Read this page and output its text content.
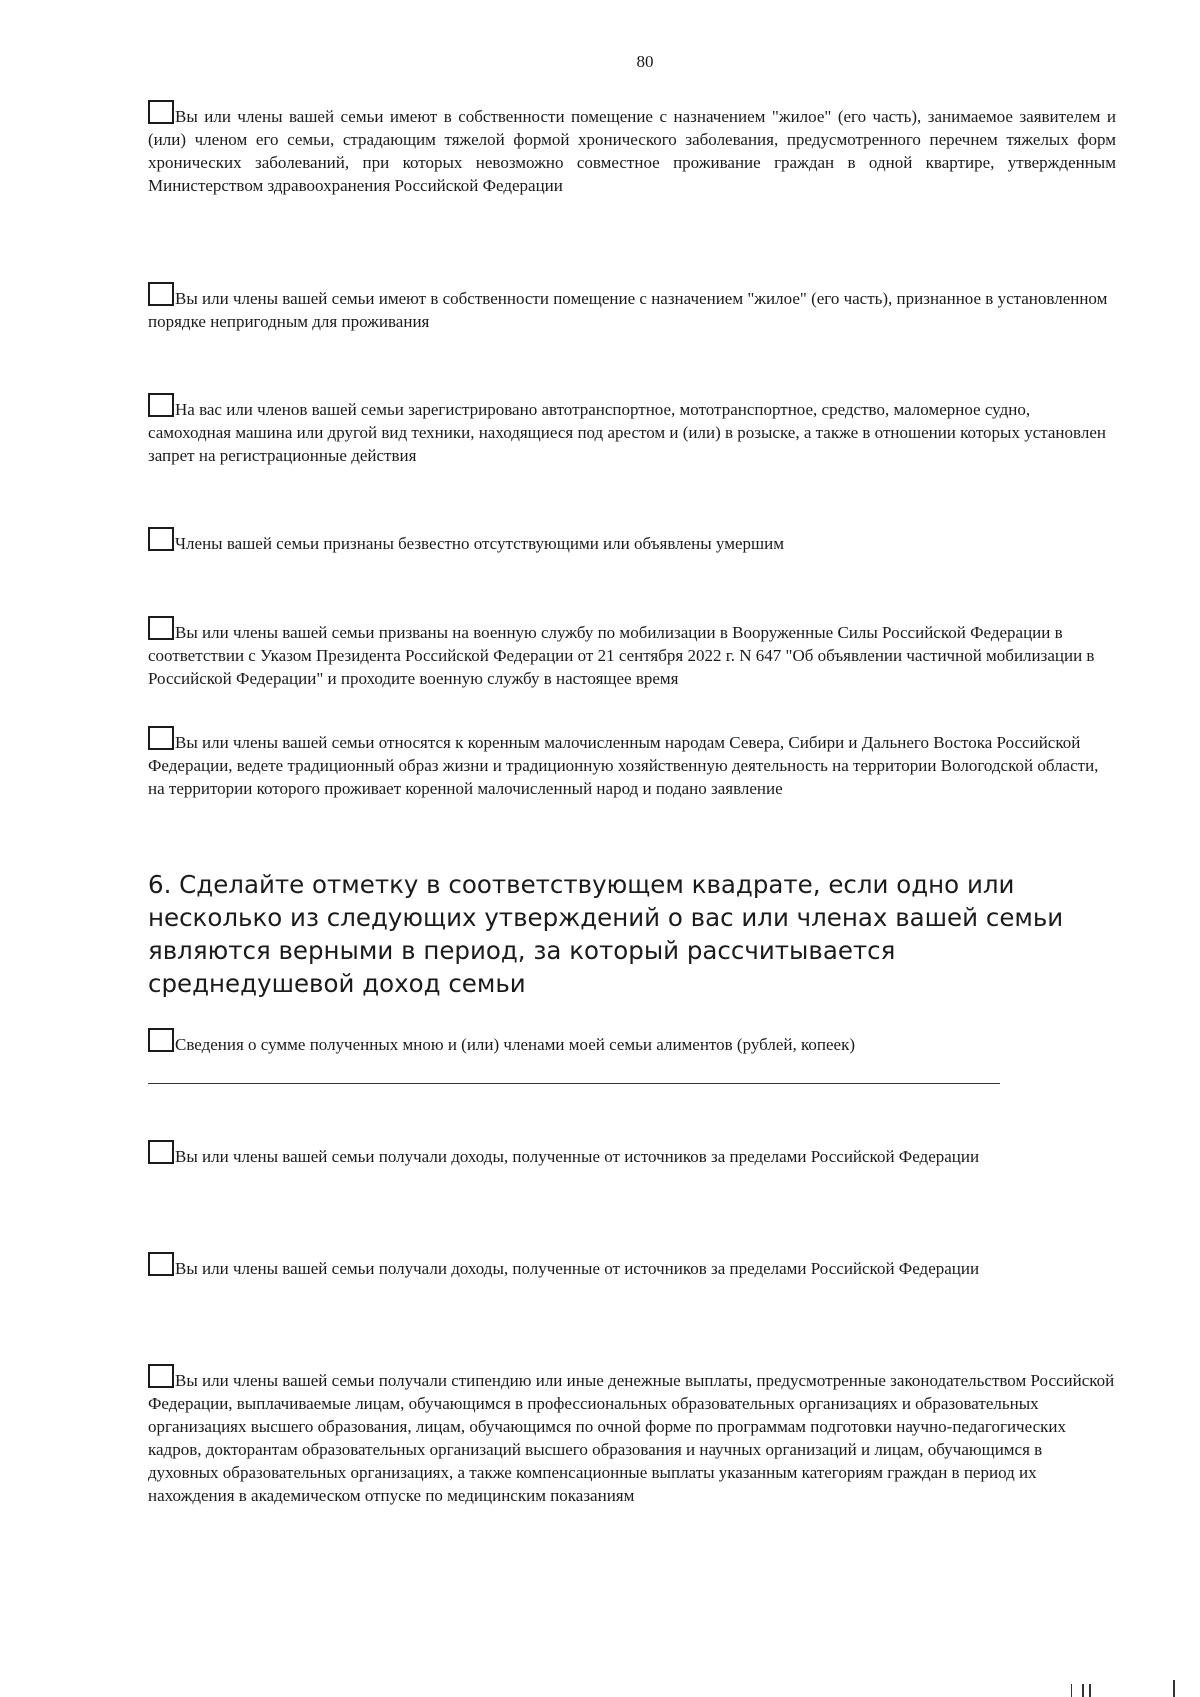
80
Вы или члены вашей семьи имеют в собственности помещение с назначением "жилое" (его часть), занимаемое заявителем и (или) членом его семьи, страдающим тяжелой формой хронического заболевания, предусмотренного перечнем тяжелых форм хронических заболеваний, при которых невозможно совместное проживание граждан в одной квартире, утвержденным Министерством здравоохранения Российской Федерации
Вы или члены вашей семьи имеют в собственности помещение с назначением "жилое" (его часть), признанное в установленном порядке непригодным для проживания
На вас или членов вашей семьи зарегистрировано автотранспортное, мототранспортное, средство, маломерное судно, самоходная машина или другой вид техники, находящиеся под арестом и (или) в розыске, а также в отношении которых установлен запрет на регистрационные действия
Члены вашей семьи признаны безвестно отсутствующими или объявлены умершим
Вы или члены вашей семьи призваны на военную службу по мобилизации в Вооруженные Силы Российской Федерации в соответствии с Указом Президента Российской Федерации от 21 сентября 2022 г. N 647 "Об объявлении частичной мобилизации в Российской Федерации" и проходите военную службу в настоящее время
Вы или члены вашей семьи относятся к коренным малочисленным народам Севера, Сибири и Дальнего Востока Российской Федерации, ведете традиционный образ жизни и традиционную хозяйственную деятельность на территории Вологодской области, на территории которого проживает коренной малочисленный народ и подано заявление
6. Сделайте отметку в соответствующем квадрате, если одно или несколько из следующих утверждений о вас или членах вашей семьи являются верными в период, за который рассчитывается среднедушевой доход семьи
Сведения о сумме полученных мною и (или) членами моей семьи алиментов (рублей, копеек)
Вы или члены вашей семьи получали доходы, полученные от источников за пределами Российской Федерации
Вы или члены вашей семьи получали доходы, полученные от источников за пределами Российской Федерации
Вы или члены вашей семьи получали стипендию или иные денежные выплаты, предусмотренные законодательством Российской Федерации, выплачиваемые лицам, обучающимся в профессиональных образовательных организациях и образовательных организациях высшего образования, лицам, обучающимся по очной форме по программам подготовки научно-педагогических кадров, докторантам образовательных организаций высшего образования и научных организаций и лицам, обучающимся в духовных образовательных организациях, а также компенсационные выплаты указанным категориям граждан в период их нахождения в академическом отпуске по медицинским показаниям
